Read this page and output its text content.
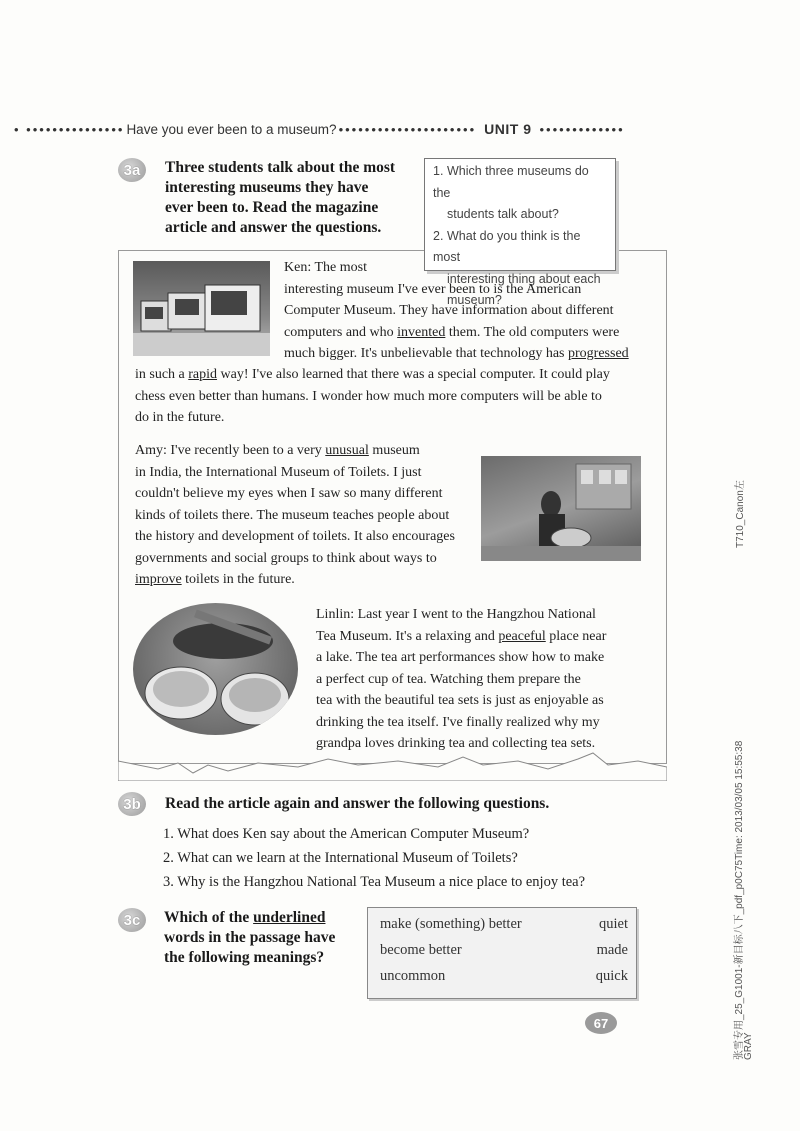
• ••••••••••••••• Have you ever been to a museum? ••••••••••••••••••••• UNIT 9 •••••••••••••
3a	Three students talk about the most
interesting museums they have
ever been to. Read the magazine
article and answer the questions.
1. Which three museums do the
students talk about?
2. What do you think is the most
interesting thing about each
museum?
Ken: The most
interesting museum I've ever been to is the American
Computer Museum. They have information about different
computers and who invented them. The old computers were
much bigger. It's unbelievable that technology has progressed
in such a rapid way! I've also learned that there was a special computer. It could play
chess even better than humans. I wonder how much more computers will be able to
do in the future.
Amy: I've recently been to a very unusual museum
in India, the International Museum of Toilets. I just
couldn't believe my eyes when I saw so many different
kinds of toilets there. The museum teaches people about
the history and development of toilets. It also encourages
governments and social groups to think about ways to
improve toilets in the future.
Linlin: Last year I went to the Hangzhou National
Tea Museum. It's a relaxing and peaceful place near
a lake. The tea art performances show how to make
a perfect cup of tea. Watching them prepare the
tea with the beautiful tea sets is just as enjoyable as
drinking the tea itself. I've finally realized why my
grandpa loves drinking tea and collecting tea sets.
3b	Read the article again and answer the following questions.
1. What does Ken say about the American Computer Museum?
2. What can we learn at the International Museum of Toilets?
3. Why is the Hangzhou National Tea Museum a nice place to enjoy tea?
3c	Which of the underlined
words in the passage have
the following meanings?
make (something) better	quiet
become better	made
uncommon	quick
67
T710_Canon左
张雪专用_25_G1001-新目标八下_pdf_p0C75Time: 2013/03/05 15:55:38
GRAY
